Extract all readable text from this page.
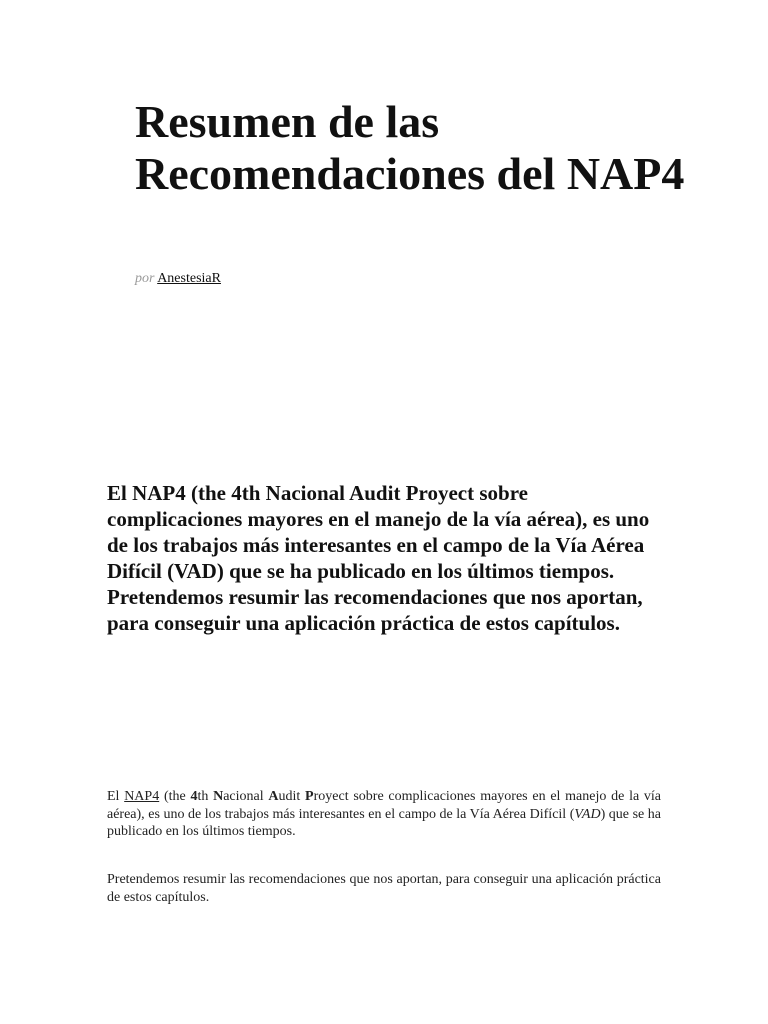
Resumen de las Recomendaciones del NAP4
por AnestesiaR

El NAP4 (the 4th Nacional Audit Proyect sobre complicaciones mayores en el manejo de la vía aérea), es uno de los trabajos más interesantes en el campo de la Vía Aérea Difícil (VAD) que se ha publicado en los últimos tiempos. Pretendemos resumir las recomendaciones que nos aportan, para conseguir una aplicación práctica de estos capítulos.

El NAP4 (the 4th Nacional Audit Proyect sobre complicaciones mayores en el manejo de la vía aérea), es uno de los trabajos más interesantes en el campo de la Vía Aérea Difícil (VAD) que se ha publicado en los últimos tiempos.

Pretendemos resumir las recomendaciones que nos aportan, para conseguir una aplicación práctica de estos capítulos.
